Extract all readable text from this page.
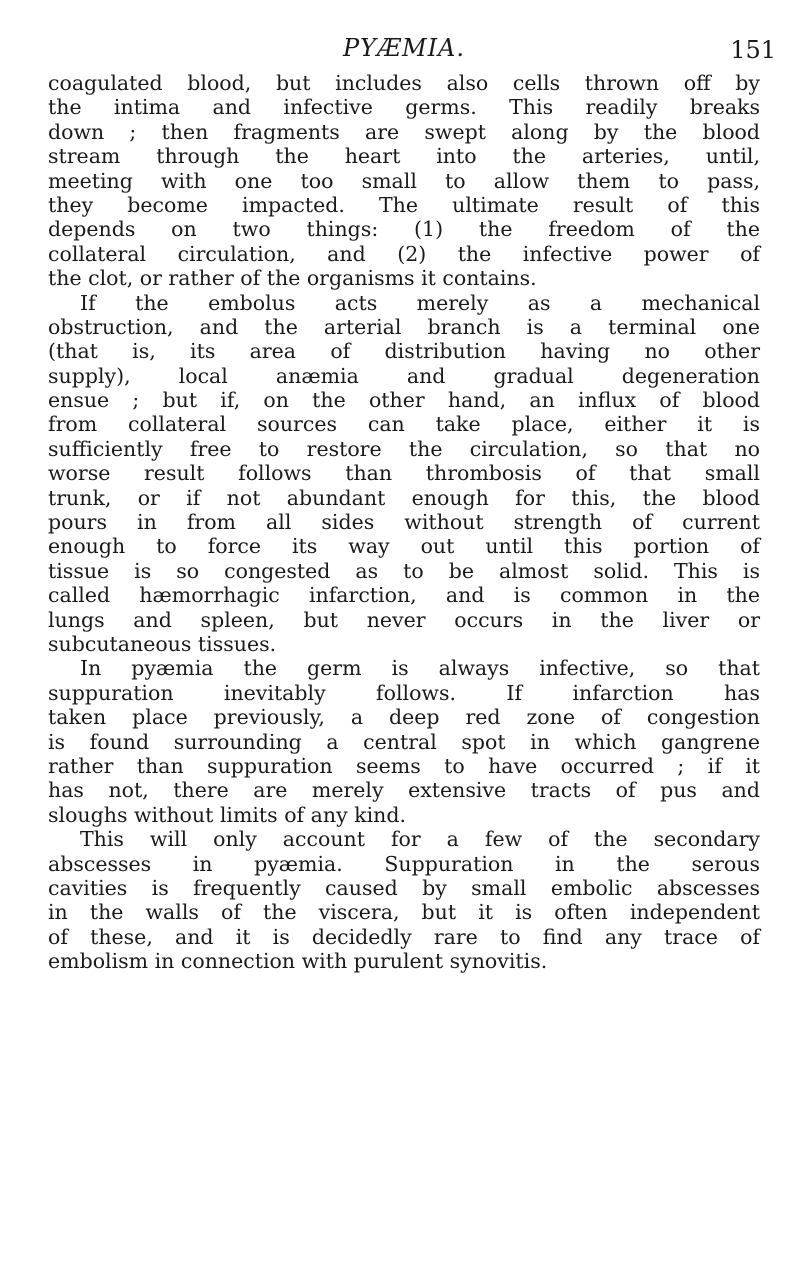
PYÆMIA.	151
coagulated blood, but includes also cells thrown off by
the intima and infective germs. This readily breaks
down ; then fragments are swept along by the blood
stream through the heart into the arteries, until,
meeting with one too small to allow them to pass,
they become impacted. The ultimate result of this
depends on two things: (1) the freedom of the
collateral circulation, and (2) the infective power of
the clot, or rather of the organisms it contains.
If the embolus acts merely as a mechanical
obstruction, and the arterial branch is a terminal one
(that is, its area of distribution having no other
supply), local anæmia and gradual degeneration
ensue ; but if, on the other hand, an influx of blood
from collateral sources can take place, either it is
sufficiently free to restore the circulation, so that no
worse result follows than thrombosis of that small
trunk, or if not abundant enough for this, the blood
pours in from all sides without strength of current
enough to force its way out until this portion of
tissue is so congested as to be almost solid. This is
called hæmorrhagic infarction, and is common in the
lungs and spleen, but never occurs in the liver or
subcutaneous tissues.
In pyæmia the germ is always infective, so that
suppuration inevitably follows. If infarction has
taken place previously, a deep red zone of congestion
is found surrounding a central spot in which gangrene
rather than suppuration seems to have occurred ; if it
has not, there are merely extensive tracts of pus and
sloughs without limits of any kind.
This will only account for a few of the secondary
abscesses in pyæmia. Suppuration in the serous
cavities is frequently caused by small embolic abscesses
in the walls of the viscera, but it is often independent
of these, and it is decidedly rare to find any trace of
embolism in connection with purulent synovitis.
